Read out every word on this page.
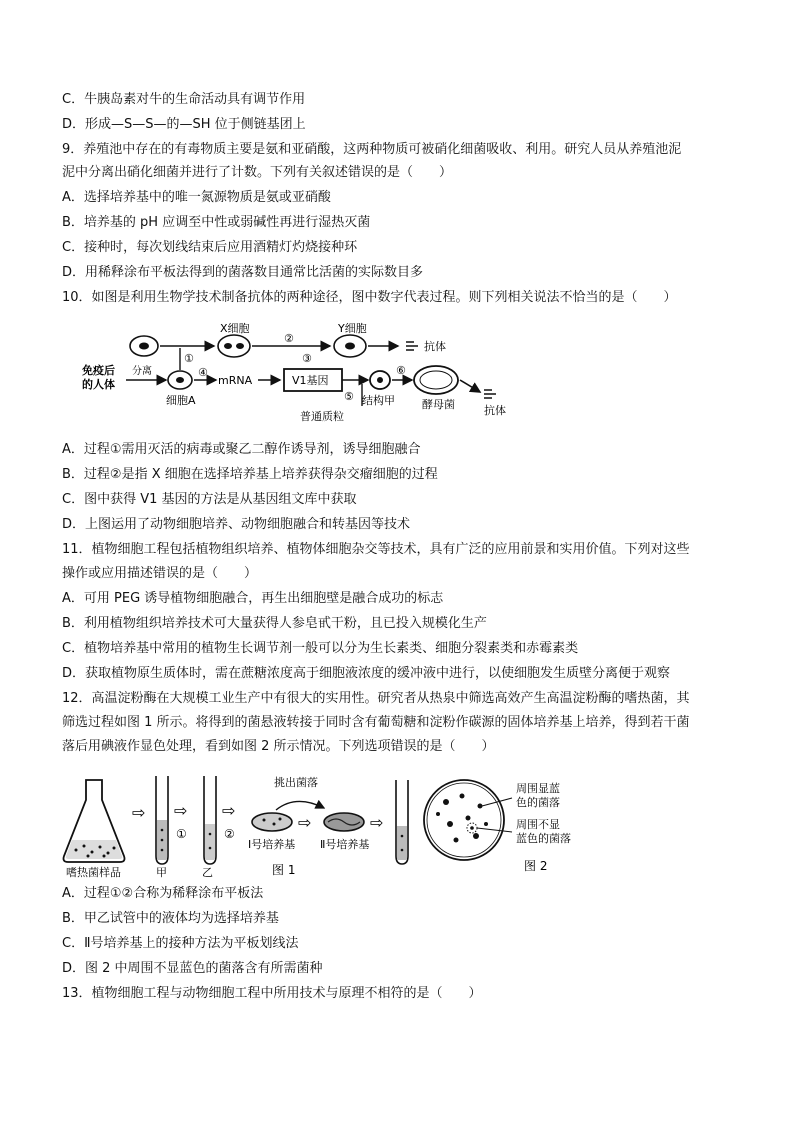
C．牛胰岛素对牛的生命活动具有调节作用
D．形成—S—S—的—SH 位于侧链基团上
9．养殖池中存在的有毒物质主要是氨和亚硝酸，这两种物质可被硝化细菌吸收、利用。研究人员从养殖池泥
泥中分离出硝化细菌并进行了计数。下列有关叙述错误的是（　　）
A．选择培养基中的唯一氮源物质是氨或亚硝酸
B．培养基的 pH 应调至中性或弱碱性再进行湿热灭菌
C．接种时，每次划线结束后应用酒精灯灼烧接种环
D．用稀释涂布平板法得到的菌落数目通常比活菌的实际数目多
10．如图是利用生物学技术制备抗体的两种途径，图中数字代表过程。则下列相关说法不恰当的是（　　）
X细胞	Y细胞
②
抗体
免疫后
的人体
分离
细胞A
①
④
mRNA	V1基因
⑤ 结构甲
普通质粒
⑥
酵母菌	抗体
③
A．过程①需用灭活的病毒或聚乙二醇作诱导剂，诱导细胞融合
B．过程②是指 X 细胞在选择培养基上培养获得杂交瘤细胞的过程
C．图中获得 V1 基因的方法是从基因组文库中获取
D．上图运用了动物细胞培养、动物细胞融合和转基因等技术
11．植物细胞工程包括植物组织培养、植物体细胞杂交等技术，具有广泛的应用前景和实用价值。下列对这些
操作或应用描述错误的是（　　）
A．可用 PEG 诱导植物细胞融合，再生出细胞壁是融合成功的标志
B．利用植物组织培养技术可大量获得人参皂甙干粉，且已投入规模化生产
C．植物培养基中常用的植物生长调节剂一般可以分为生长素类、细胞分裂素类和赤霉素类
D．获取植物原生质体时，需在蔗糖浓度高于细胞液浓度的缓冲液中进行，以使细胞发生质壁分离便于观察
12．高温淀粉酶在大规模工业生产中有很大的实用性。研究者从热泉中筛选高效产生高温淀粉酶的嗜热菌，其
筛选过程如图 1 所示。将得到的菌悬液转接于同时含有葡萄糖和淀粉作碳源的固体培养基上培养，得到若干菌
落后用碘液作显色处理，看到如图 2 所示情况。下列选项错误的是（　　）
嗜热菌样品
⇨
甲
⇨
①
乙
⇨
②
Ⅰ号培养基
挑出菌落
⇨
Ⅱ号培养基
⇨
图 1
周围显蓝
色的菌落
周围不显
蓝色的菌落
图 2
A．过程①②合称为稀释涂布平板法
B．甲乙试管中的液体均为选择培养基
C．Ⅱ号培养基上的接种方法为平板划线法
D．图 2 中周围不显蓝色的菌落含有所需菌种
13．植物细胞工程与动物细胞工程中所用技术与原理不相符的是（　　）
